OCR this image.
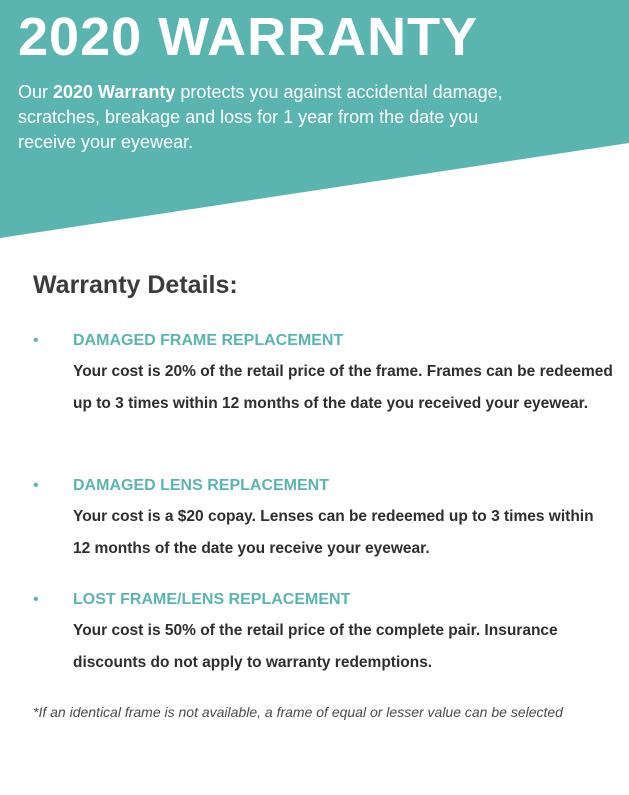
2020 WARRANTY

Our 2020 Warranty protects you against accidental damage, scratches, breakage and loss for 1 year from the date you receive your eyewear.

Warranty Details:
• DAMAGED FRAME REPLACEMENT

Your cost is 20% of the retail price of the frame. Frames can be redeemed up to 3 times within 12 months of the date you received your eyewear.

• DAMAGED LENS REPLACEMENT

Your cost is a $20 copay. Lenses can be redeemed up to 3 times within 12 months of the date you receive your eyewear.

• LOST FRAME/LENS REPLACEMENT

Your cost is 50% of the retail price of the complete pair. Insurance discounts do not apply to warranty redemptions.

*If an identical frame is not available, a frame of equal or lesser value can be selected
